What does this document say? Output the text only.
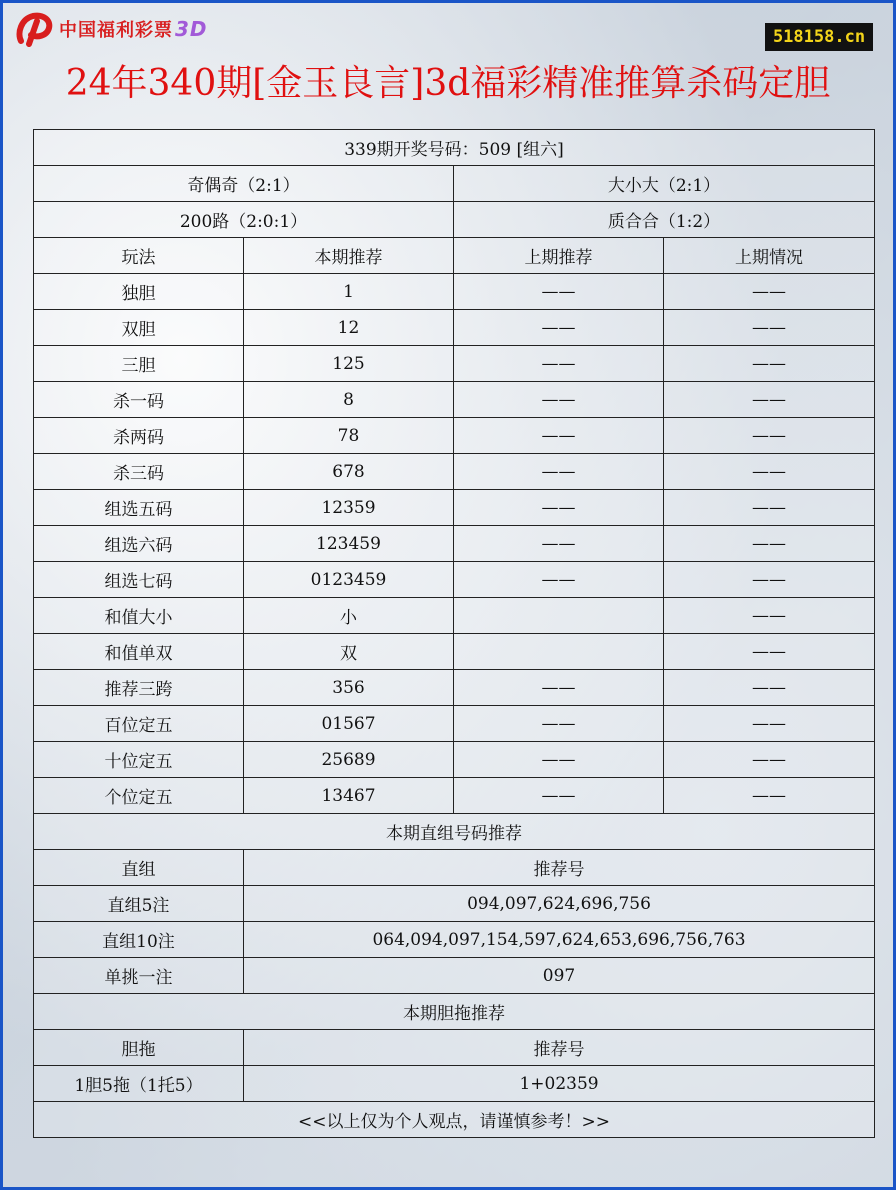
中国福利彩票 3D	518158.cn
24年340期[金玉良言]3d福彩精准推算杀码定胆
339期开奖号码：509 [组六]			
奇偶奇（2:1）		大小大（2:1）	
200路（2:0:1）		质合合（1:2）	
玩法	本期推荐	上期推荐	上期情况
独胆	1	——	——
双胆	12	——	——
三胆	125	——	——
杀一码	8	——	——
杀两码	78	——	——
杀三码	678	——	——
组选五码	12359	——	——
组选六码	123459	——	——
组选七码	0123459	——	——
和值大小	小		——
和值单双	双		——
推荐三跨	356	——	——
百位定五	01567	——	——
十位定五	25689	——	——
个位定五	13467	——	——
本期直组号码推荐			
直组	推荐号		
直组5注	094,097,624,696,756		
直组10注	064,094,097,154,597,624,653,696,756,763		
单挑一注	097		
本期胆拖推荐			
胆拖	推荐号		
1胆5拖（1托5）	1+02359		
<<以上仅为个人观点，请谨慎参考！>>			
